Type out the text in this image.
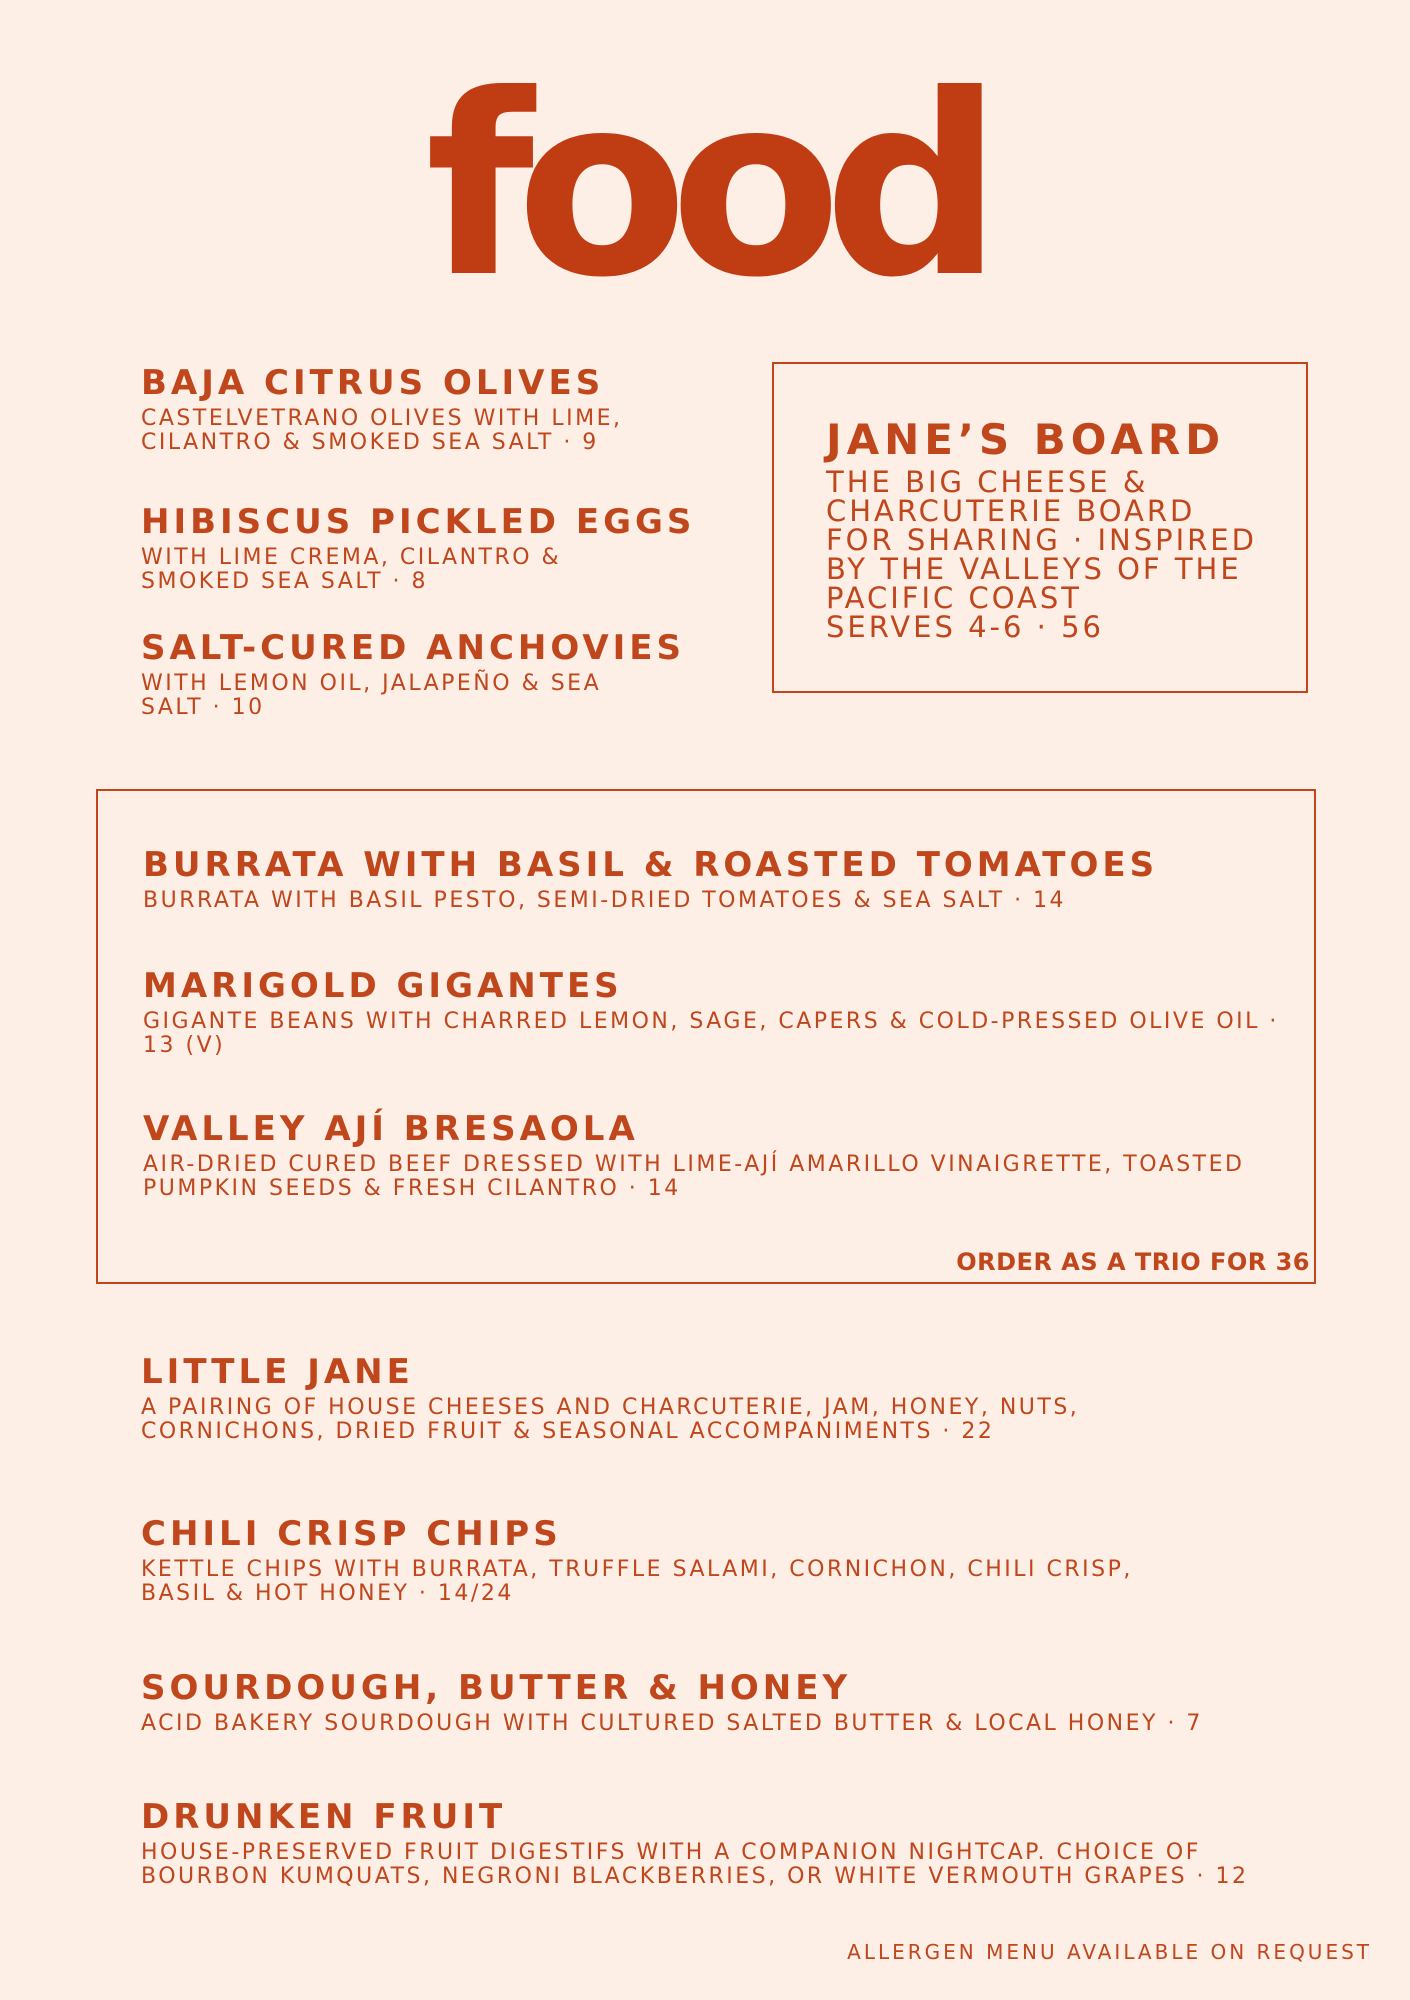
food
BAJA CITRUS OLIVES

CASTELVETRANO OLIVES WITH LIME, CILANTRO & SMOKED SEA SALT · 9

HIBISCUS PICKLED EGGS

WITH LIME CREMA, CILANTRO & SMOKED SEA SALT · 8

SALT-CURED ANCHOVIES

WITH LEMON OIL, JALAPEÑO & SEA SALT · 10

JANE’S BOARD
THE BIG CHEESE & CHARCUTERIE BOARD FOR SHARING · INSPIRED BY THE VALLEYS OF THE PACIFIC COAST
SERVES 4-6 · 56
BURRATA WITH BASIL & ROASTED TOMATOES

BURRATA WITH BASIL PESTO, SEMI-DRIED TOMATOES & SEA SALT · 14

MARIGOLD GIGANTES

GIGANTE BEANS WITH CHARRED LEMON, SAGE, CAPERS & COLD-PRESSED OLIVE OIL · 13 (V)

VALLEY AJÍ BRESAOLA

AIR-DRIED CURED BEEF DRESSED WITH LIME-AJÍ AMARILLO VINAIGRETTE, TOASTED PUMPKIN SEEDS & FRESH CILANTRO · 14

ORDER AS A TRIO FOR 36

LITTLE JANE

A PAIRING OF HOUSE CHEESES AND CHARCUTERIE, JAM, HONEY, NUTS, CORNICHONS, DRIED FRUIT & SEASONAL ACCOMPANIMENTS · 22

CHILI CRISP CHIPS

KETTLE CHIPS WITH BURRATA, TRUFFLE SALAMI, CORNICHON, CHILI CRISP, BASIL & HOT HONEY · 14/24

SOURDOUGH, BUTTER & HONEY

ACID BAKERY SOURDOUGH WITH CULTURED SALTED BUTTER & LOCAL HONEY · 7

DRUNKEN FRUIT

HOUSE-PRESERVED FRUIT DIGESTIFS WITH A COMPANION NIGHTCAP. CHOICE OF BOURBON KUMQUATS, NEGRONI BLACKBERRIES, OR WHITE VERMOUTH GRAPES · 12

ALLERGEN MENU AVAILABLE ON REQUEST
